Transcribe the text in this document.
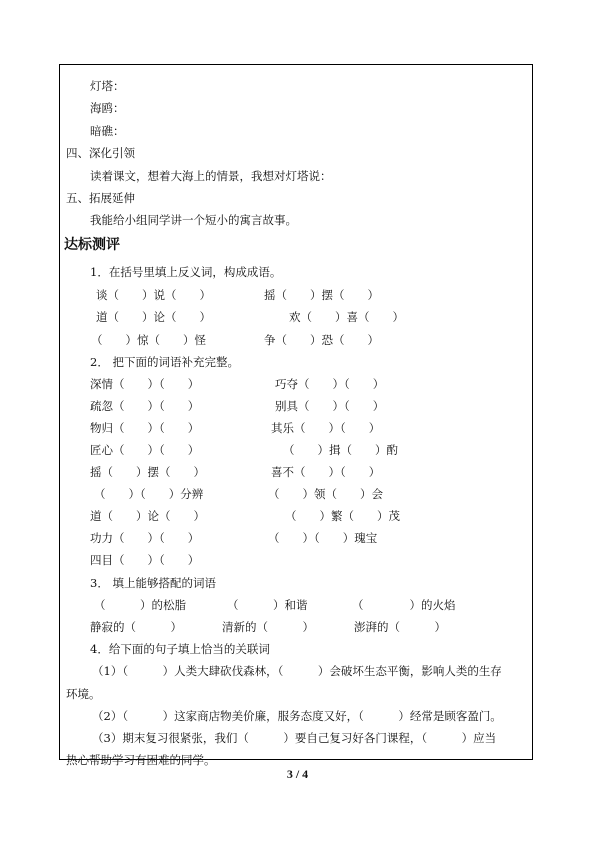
灯塔：
海鸥：
暗礁：
四、深化引领
读着课文，想着大海上的情景，我想对灯塔说：
五、拓展延伸
我能给小组同学讲一个短小的寓言故事。
达标测评
1．在括号里填上反义词，构成成语。
谈（　　）说（　　）	摇（　　）摆（　　）
道（　　）论（　　）	欢（　　）喜（　　）
（　　）惊（　　）怪	争（　　）恐（　　）
2． 把下面的词语补充完整。
深情（　　）（　　）	巧夺（　　）（　　）
疏忽（　　）（　　）	别具（　　）（　　）
物归（　　）（　　）	其乐（　　）（　　）
匠心（　　）（　　）	（　　）揖（　　）酌
摇（　　）摆（　　）	喜不（　　）（　　）
（　　）（　　）分辨	（　　）领（　　）会
道（　　）论（　　）	（　　）繁（　　）茂
功力（　　）（　　）	（　　）（　　）瑰宝
四目（　　）（　　）
3． 填上能够搭配的词语
（　　　）的松脂	（　　　）和谐	（　　　　）的火焰
静寂的（　　　）	清新的（　　　）	澎湃的（　　　）
4．给下面的句子填上恰当的关联词
（1）（　　　）人类大肆砍伐森林，（　　　）会破坏生态平衡，影响人类的生存
环境。
（2）（　　　）这家商店物美价廉，服务态度又好，（　　　）经常是顾客盈门。
（3）期末复习很紧张，我们（　　　）要自己复习好各门课程，（　　　）应当
热心帮助学习有困难的同学。
3 / 4
